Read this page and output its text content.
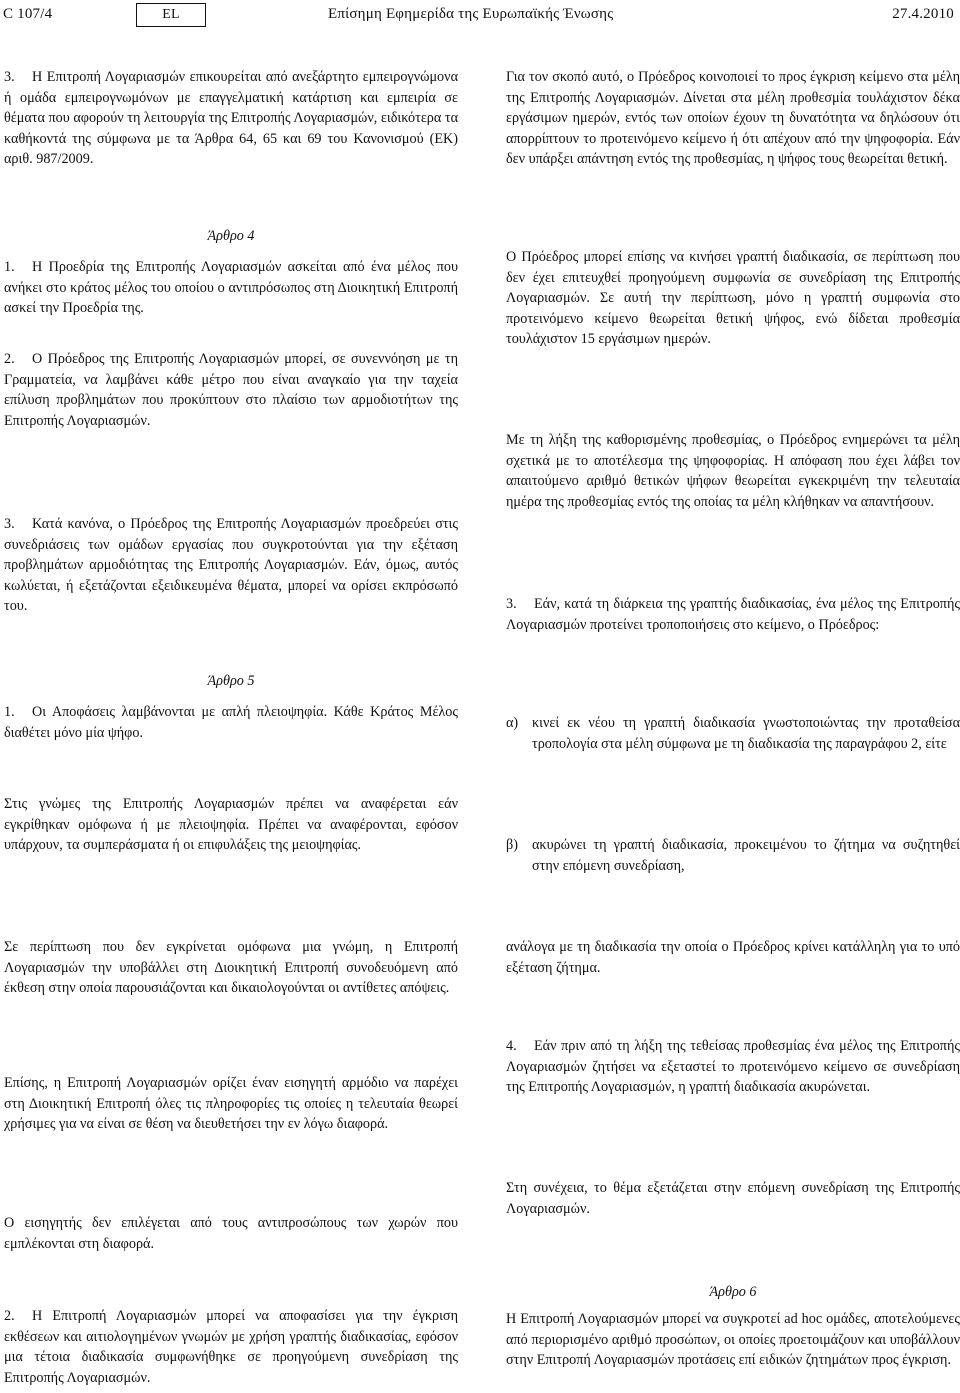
C 107/4	EL	Επίσημη Εφημερίδα της Ευρωπαϊκής Ένωσης	27.4.2010

3. Η Επιτροπή Λογαριασμών επικουρείται από ανεξάρτητο εμπειρογνώμονα ή ομάδα εμπειρογνωμόνων με επαγγελματική κατάρτιση και εμπειρία σε θέματα που αφορούν τη λειτουργία της Επιτροπής Λογαριασμών, ειδικότερα τα καθήκοντά της σύμφωνα με τα Άρθρα 64, 65 και 69 του Κανονισμού (ΕΚ) αριθ. 987/2009.

Άρθρο 4

1. Η Προεδρία της Επιτροπής Λογαριασμών ασκείται από ένα μέλος που ανήκει στο κράτος μέλος του οποίου ο αντιπρόσωπος στη Διοικητική Επιτροπή ασκεί την Προεδρία της.

2. Ο Πρόεδρος της Επιτροπής Λογαριασμών μπορεί, σε συνεννόηση με τη Γραμματεία, να λαμβάνει κάθε μέτρο που είναι αναγκαίο για την ταχεία επίλυση προβλημάτων που προκύπτουν στο πλαίσιο των αρμοδιοτήτων της Επιτροπής Λογαριασμών.

3. Κατά κανόνα, ο Πρόεδρος της Επιτροπής Λογαριασμών προεδρεύει στις συνεδριάσεις των ομάδων εργασίας που συγκροτούνται για την εξέταση προβλημάτων αρμοδιότητας της Επιτροπής Λογαριασμών. Εάν, όμως, αυτός κωλύεται, ή εξετάζονται εξειδικευμένα θέματα, μπορεί να ορίσει εκπρόσωπό του.

Άρθρο 5

1. Οι Αποφάσεις λαμβάνονται με απλή πλειοψηφία. Κάθε Κράτος Μέλος διαθέτει μόνο μία ψήφο.

Στις γνώμες της Επιτροπής Λογαριασμών πρέπει να αναφέρεται εάν εγκρίθηκαν ομόφωνα ή με πλειοψηφία. Πρέπει να αναφέρονται, εφόσον υπάρχουν, τα συμπεράσματα ή οι επιφυλάξεις της μειοψηφίας.

Σε περίπτωση που δεν εγκρίνεται ομόφωνα μια γνώμη, η Επιτροπή Λογαριασμών την υποβάλλει στη Διοικητική Επιτροπή συνοδευόμενη από έκθεση στην οποία παρουσιάζονται και δικαιολογούνται οι αντίθετες απόψεις.

Επίσης, η Επιτροπή Λογαριασμών ορίζει έναν εισηγητή αρμόδιο να παρέχει στη Διοικητική Επιτροπή όλες τις πληροφορίες τις οποίες η τελευταία θεωρεί χρήσιμες για να είναι σε θέση να διευθετήσει την εν λόγω διαφορά.

Ο εισηγητής δεν επιλέγεται από τους αντιπροσώπους των χωρών που εμπλέκονται στη διαφορά.

2. Η Επιτροπή Λογαριασμών μπορεί να αποφασίσει για την έγκριση εκθέσεων και αιτιολογημένων γνωμών με χρήση γραπτής διαδικασίας, εφόσον μια τέτοια διαδικασία συμφωνήθηκε σε προηγούμενη συνεδρίαση της Επιτροπής Λογαριασμών.

Για τον σκοπό αυτό, ο Πρόεδρος κοινοποιεί το προς έγκριση κείμενο στα μέλη της Επιτροπής Λογαριασμών. Δίνεται στα μέλη προθεσμία τουλάχιστον δέκα εργάσιμων ημερών, εντός των οποίων έχουν τη δυνατότητα να δηλώσουν ότι απορρίπτουν το προτεινόμενο κείμενο ή ότι απέχουν από την ψηφοφορία. Εάν δεν υπάρξει απάντηση εντός της προθεσμίας, η ψήφος τους θεωρείται θετική.

Ο Πρόεδρος μπορεί επίσης να κινήσει γραπτή διαδικασία, σε περίπτωση που δεν έχει επιτευχθεί προηγούμενη συμφωνία σε συνεδρίαση της Επιτροπής Λογαριασμών. Σε αυτή την περίπτωση, μόνο η γραπτή συμφωνία στο προτεινόμενο κείμενο θεωρείται θετική ψήφος, ενώ δίδεται προθεσμία τουλάχιστον 15 εργάσιμων ημερών.

Με τη λήξη της καθορισμένης προθεσμίας, ο Πρόεδρος ενημερώνει τα μέλη σχετικά με το αποτέλεσμα της ψηφοφορίας. Η απόφαση που έχει λάβει τον απαιτούμενο αριθμό θετικών ψήφων θεωρείται εγκεκριμένη την τελευταία ημέρα της προθεσμίας εντός της οποίας τα μέλη κλήθηκαν να απαντήσουν.

3. Εάν, κατά τη διάρκεια της γραπτής διαδικασίας, ένα μέλος της Επιτροπής Λογαριασμών προτείνει τροποποιήσεις στο κείμενο, ο Πρόεδρος:

α) κινεί εκ νέου τη γραπτή διαδικασία γνωστοποιώντας την προταθείσα τροπολογία στα μέλη σύμφωνα με τη διαδικασία της παραγράφου 2, είτε
β) ακυρώνει τη γραπτή διαδικασία, προκειμένου το ζήτημα να συζητηθεί στην επόμενη συνεδρίαση,

ανάλογα με τη διαδικασία την οποία ο Πρόεδρος κρίνει κατάλληλη για το υπό εξέταση ζήτημα.

4. Εάν πριν από τη λήξη της τεθείσας προθεσμίας ένα μέλος της Επιτροπής Λογαριασμών ζητήσει να εξεταστεί το προτεινόμενο κείμενο σε συνεδρίαση της Επιτροπής Λογαριασμών, η γραπτή διαδικασία ακυρώνεται.

Στη συνέχεια, το θέμα εξετάζεται στην επόμενη συνεδρίαση της Επιτροπής Λογαριασμών.

Άρθρο 6

Η Επιτροπή Λογαριασμών μπορεί να συγκροτεί ad hoc ομάδες, αποτελούμενες από περιορισμένο αριθμό προσώπων, οι οποίες προετοιμάζουν και υποβάλλουν στην Επιτροπή Λογαριασμών προτάσεις επί ειδικών ζητημάτων προς έγκριση.
